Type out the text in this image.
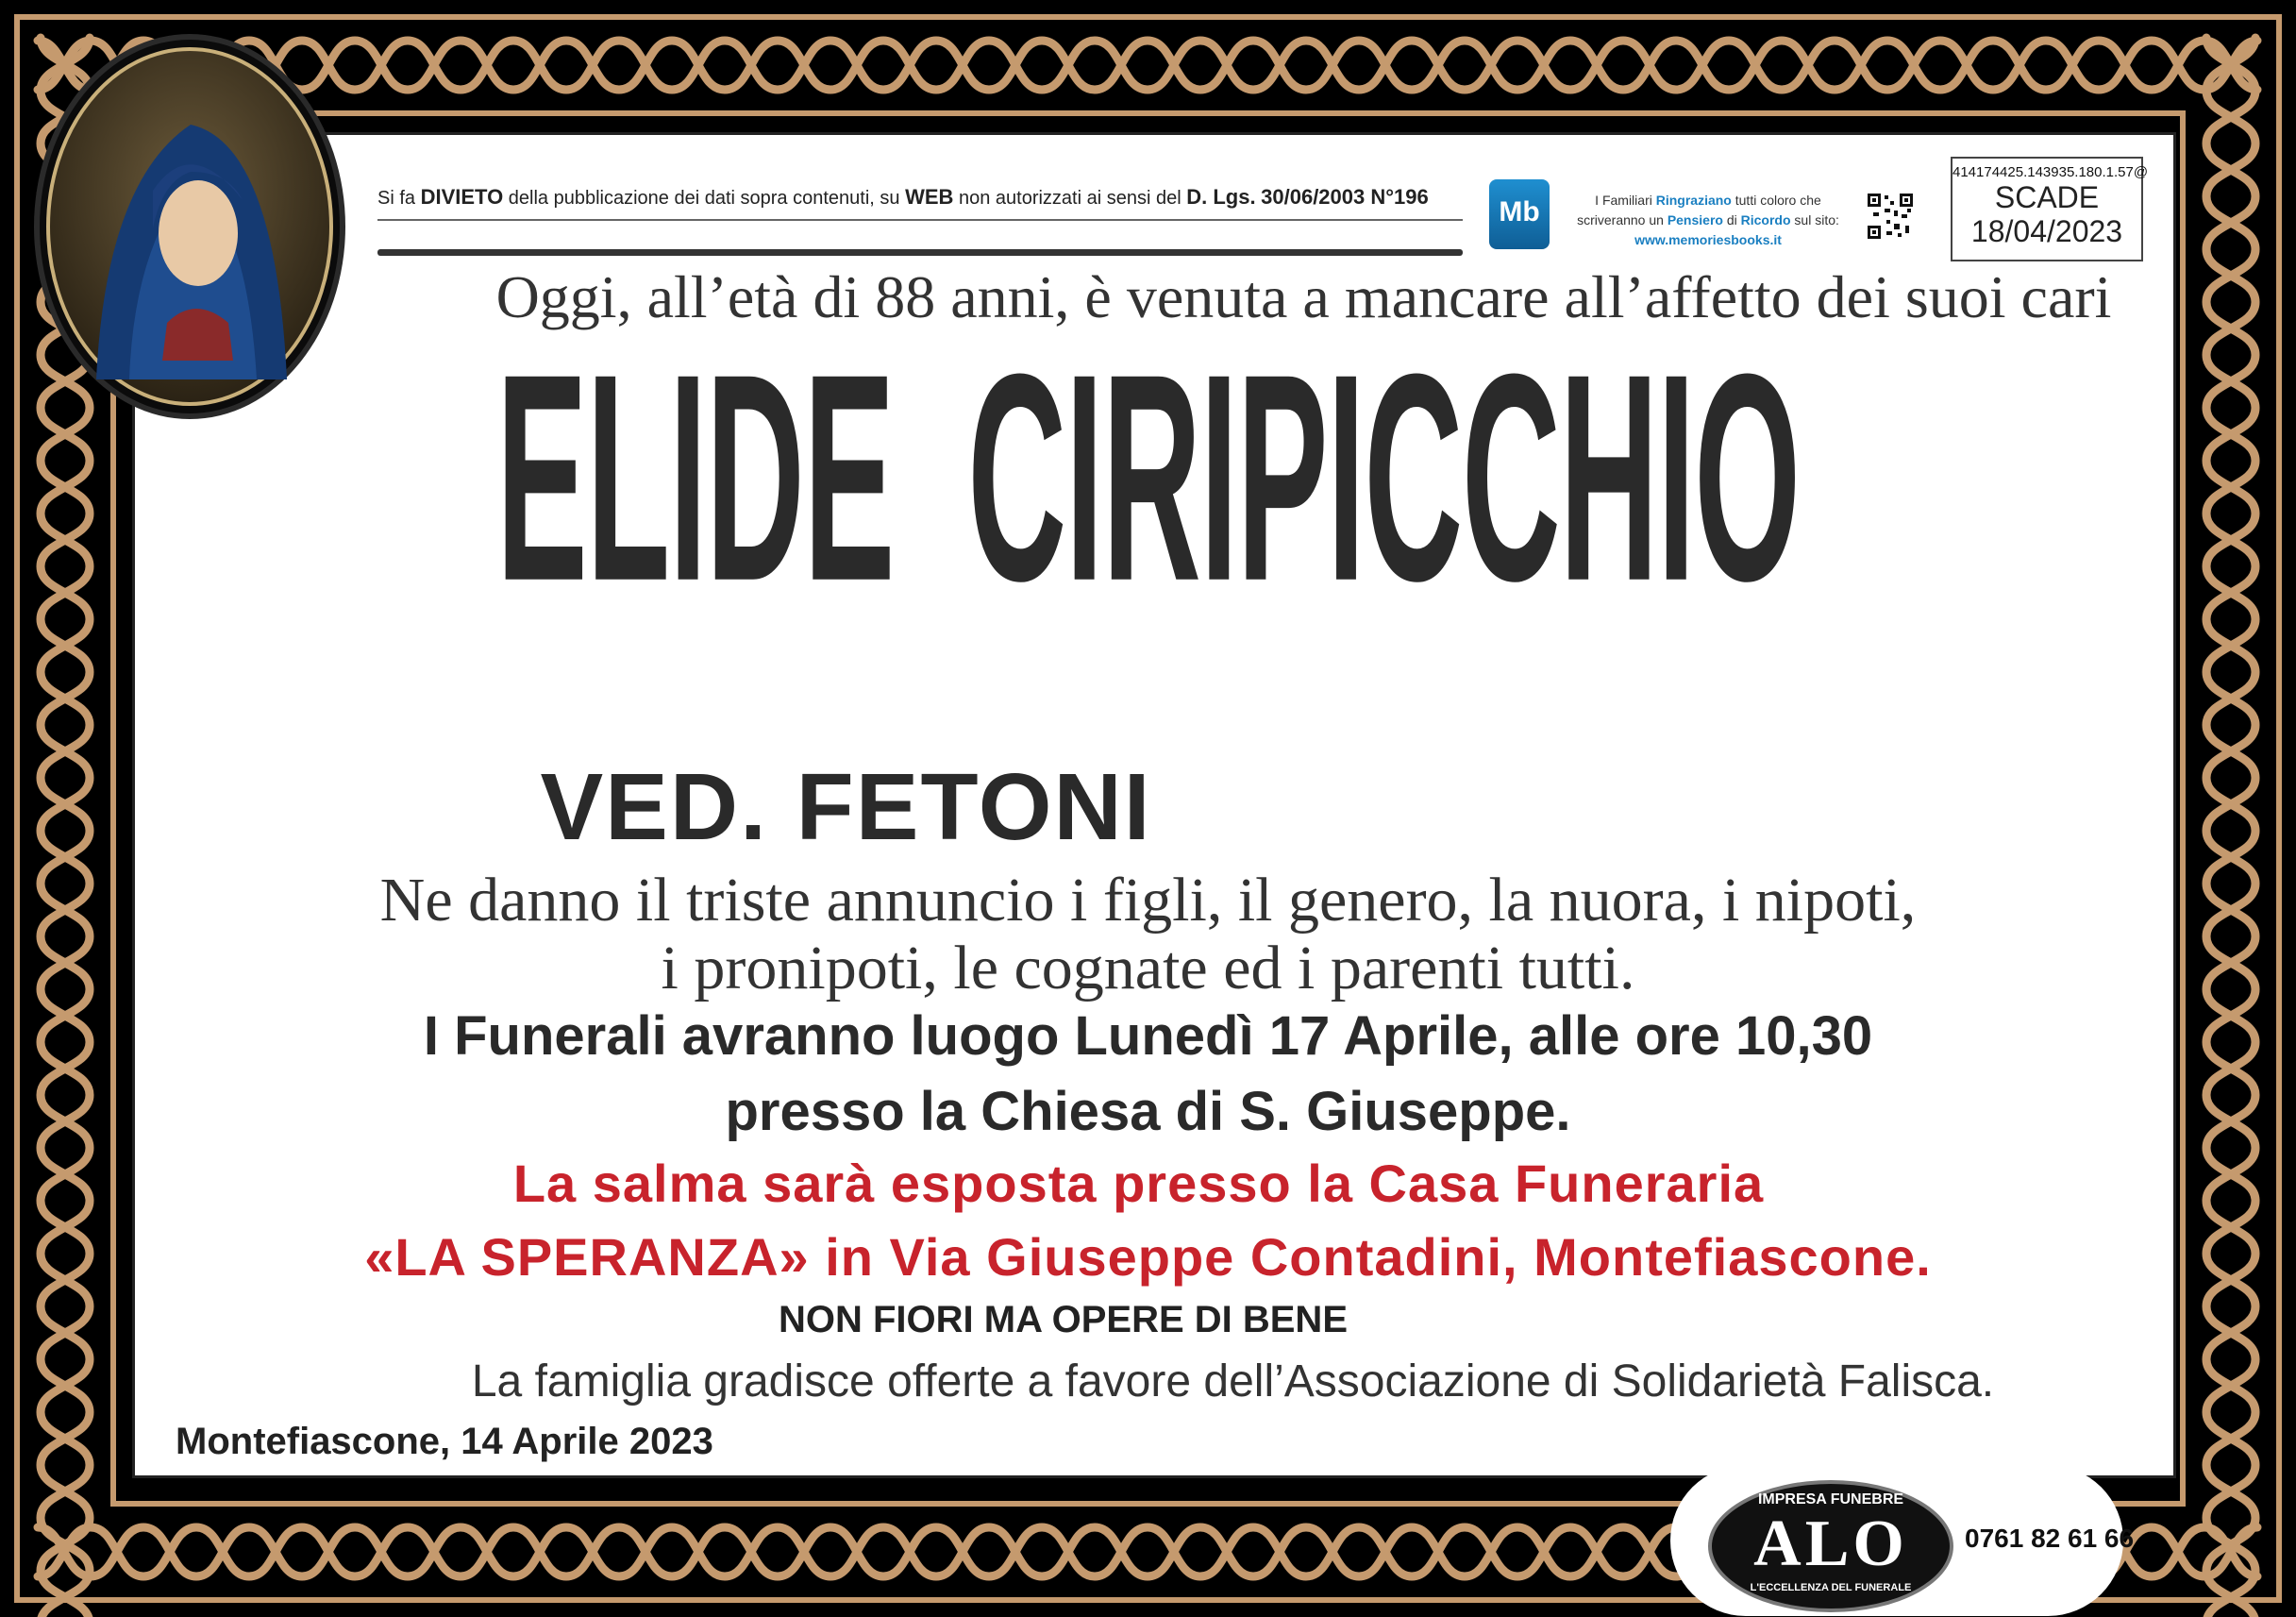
Si fa DIVIETO della pubblicazione dei dati sopra contenuti, su WEB non autorizzati ai sensi del D. Lgs. 30/06/2003 N°196	Mb	I Familiari Ringraziano tutti coloro che
scriveranno un Pensiero di Ricordo sul sito:
www.memoriesbooks.it
414174425.143935.180.1.57@
SCADE
18/04/2023
Oggi, all’età di 88 anni, è venuta a mancare all’affetto dei suoi cari
ELIDE  CIRIPICCHIO
VED. FETONI
Ne danno il triste annuncio i figli, il genero, la nuora, i nipoti,
i pronipoti, le cognate ed i parenti tutti.
I Funerali avranno luogo Lunedì 17 Aprile, alle ore 10,30
presso la Chiesa di S. Giuseppe.
La salma sarà esposta presso la Casa Funeraria
«LA SPERANZA» in Via Giuseppe Contadini, Montefiascone.
NON FIORI MA OPERE DI BENE
La famiglia gradisce offerte a favore dell’Associazione di Solidarietà Falisca.
Montefiascone, 14 Aprile 2023
IMPRESA FUNEBRE
ALO
L'ECCELLENZA DEL FUNERALE
0761 82 61 66
